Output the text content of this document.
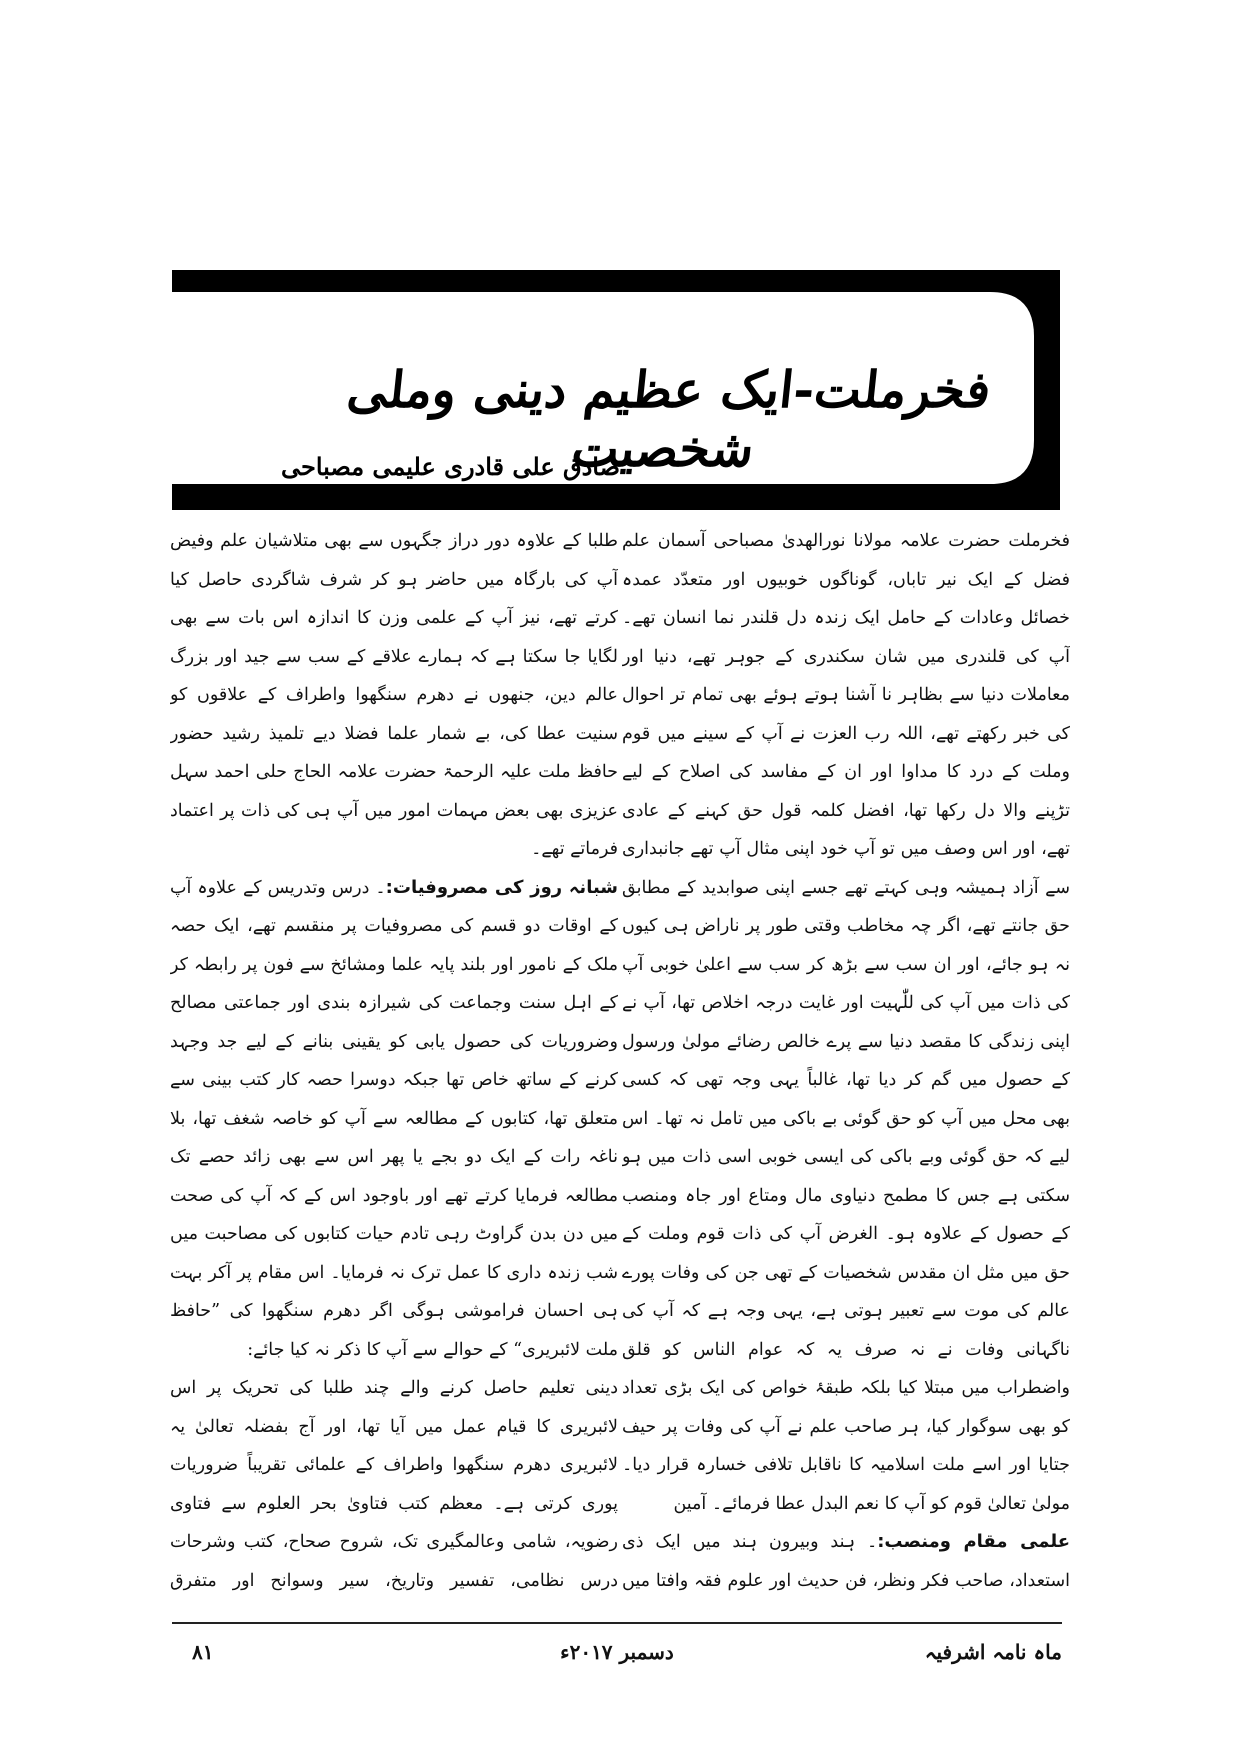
فخرملت-ایک عظیم دینی وملی شخصیت
صادق علی قادری علیمی مصباحی

فخرملت حضرت علامہ مولانا نورالھدیٰ مصباحی آسمان علم فضل کے ایک نیر تاباں، گوناگوں خوبیوں اور متعدّد عمدہ خصائل وعادات کے حامل ایک زندہ دل قلندر نما انسان تھے۔ آپ کی قلندری میں شان سکندری کے جوہر تھے، دنیا اور معاملات دنیا سے بظاہر نا آشنا ہوتے ہوئے بھی تمام تر احوال کی خبر رکھتے تھے، اللہ رب العزت نے آپ کے سینے میں قوم وملت کے درد کا مداوا اور ان کے مفاسد کی اصلاح کے لیے تڑپنے والا دل رکھا تھا، افضل کلمہ قول حق کہنے کے عادی تھے، اور اس وصف میں تو آپ خود اپنی مثال آپ تھے جانبداری سے آزاد ہمیشہ وہی کہتے تھے جسے اپنی صوابدید کے مطابق حق جانتے تھے، اگر چہ مخاطب وقتی طور پر ناراض ہی کیوں نہ ہو جائے، اور ان سب سے بڑھ کر سب سے اعلیٰ خوبی آپ کی ذات میں آپ کی للّٰہیت اور غایت درجہ اخلاص تھا، آپ نے اپنی زندگی کا مقصد دنیا سے پرے خالص رضائے مولیٰ ورسول کے حصول میں گم کر دیا تھا، غالباً یہی وجہ تھی کہ کسی بھی محل میں آپ کو حق گوئی بے باکی میں تامل نہ تھا۔ اس لیے کہ حق گوئی وبے باکی کی ایسی خوبی اسی ذات میں ہو سکتی ہے جس کا مطمح دنیاوی مال ومتاع اور جاہ ومنصب کے حصول کے علاوہ ہو۔ الغرض آپ کی ذات قوم وملت کے حق میں مثل ان مقدس شخصیات کے تھی جن کی وفات پورے عالم کی موت سے تعبیر ہوتی ہے، یہی وجہ ہے کہ آپ کی ناگہانی وفات نے نہ صرف یہ کہ عوام الناس کو قلق واضطراب میں مبتلا کیا بلکہ طبقۂ خواص کی ایک بڑی تعداد کو بھی سوگوار کیا، ہر صاحب علم نے آپ کی وفات پر حیف جتایا اور اسے ملت اسلامیہ کا ناقابل تلافی خسارہ قرار دیا۔ مولیٰ تعالیٰ قوم کو آپ کا نعم البدل عطا فرمائے۔ آمین

علمی مقام ومنصب:۔ ہند وبیرون ہند میں ایک ذی استعداد، صاحب فکر ونظر، فن حدیث اور علوم فقہ وافتا میں

طلبا کے علاوہ دور دراز جگہوں سے بھی متلاشیان علم وفیض آپ کی بارگاہ میں حاضر ہو کر شرف شاگردی حاصل کیا کرتے تھے، نیز آپ کے علمی وزن کا اندازہ اس بات سے بھی لگایا جا سکتا ہے کہ ہمارے علاقے کے سب سے جید اور بزرگ عالم دین، جنھوں نے دھرم سنگھوا واطراف کے علاقوں کو سنیت عطا کی، بے شمار علما فضلا دیے تلمیذ رشید حضور حافظ ملت علیہ الرحمۃ حضرت علامہ الحاج حلی احمد سہل عزیزی بھی بعض مہمات امور میں آپ ہی کی ذات پر اعتماد فرماتے تھے۔

شبانہ روز کی مصروفیات:۔ درس وتدریس کے علاوہ آپ کے اوقات دو قسم کی مصروفیات پر منقسم تھے، ایک حصہ ملک کے نامور اور بلند پایہ علما ومشائخ سے فون پر رابطہ کر کے اہل سنت وجماعت کی شیرازہ بندی اور جماعتی مصالح وضروریات کی حصول یابی کو یقینی بنانے کے لیے جد وجہد کرنے کے ساتھ خاص تھا جبکہ دوسرا حصہ کار کتب بینی سے متعلق تھا، کتابوں کے مطالعہ سے آپ کو خاصہ شغف تھا، بلا ناغہ رات کے ایک دو بجے یا پھر اس سے بھی زائد حصے تک مطالعہ فرمایا کرتے تھے اور باوجود اس کے کہ آپ کی صحت میں دن بدن گراوٹ رہی تادم حیات کتابوں کی مصاحبت میں شب زندہ داری کا عمل ترک نہ فرمایا۔ اس مقام پر آکر بہت ہی احسان فراموشی ہوگی اگر دھرم سنگھوا کی ”حافظ ملت لائبریری“ کے حوالے سے آپ کا ذکر نہ کیا جائے:

دینی تعلیم حاصل کرنے والے چند طلبا کی تحریک پر اس لائبریری کا قیام عمل میں آیا تھا، اور آج بفضلہ تعالیٰ یہ لائبریری دھرم سنگھوا واطراف کے علمائی تقریباً ضروریات پوری کرتی ہے۔ معظم کتب فتاویٰ بحر العلوم سے فتاوی رضویہ، شامی وعالمگیری تک، شروح صحاح، کتب وشرحات درس نظامی، تفسیر وتاریخ، سیر وسوانح اور متفرق

ماہ نامہ اشرفیہ
دسمبر ۲۰۱۷ء
۸۱
